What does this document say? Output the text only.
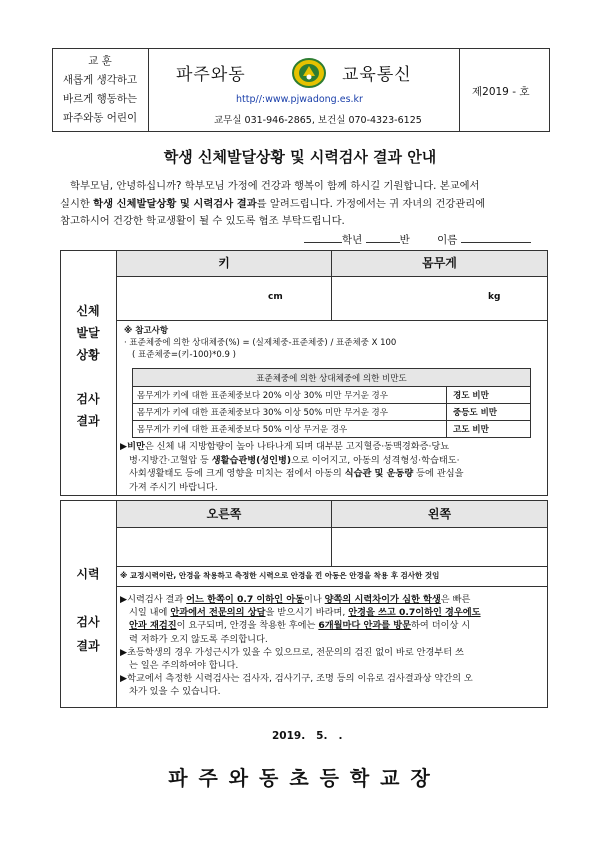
교 훈
새롭게 생각하고
바르게 행동하는
파주와동 어린이
파주와동	교육통신
http//:www.pjwadong.es.kr
교무실 031-946-2865, 보건실 070-4323-6125
제2019 - 호
학생 신체발달상황 및 시력검사 결과 안내
학부모님, 안녕하십니까? 학부모님 가정에 건강과 행복이 함께 하시길 기원합니다. 본교에서
실시한 학생 신체발달상황 및 시력검사 결과를 알려드립니다. 가정에서는 귀 자녀의 건강관리에
참고하시어 건강한 학교생활이 될 수 있도록 협조 부탁드립니다.
학년	반	이름
신체
발달
상황
검사
결과
키	몸무게
cm	kg
※ 참고사항
· 표준체중에 의한 상대체중(%) = (실제체중-표준체중) / 표준체중 X 100
( 표준체중=(키-100)*0.9 )
표준체중에 의한 상대체중에 의한 비만도	
몸무게가 키에 대한 표준체중보다 20% 이상 30% 미만 무거운 경우	경도 비만
몸무게가 키에 대한 표준체중보다 30% 이상 50% 미만 무거운 경우	중등도 비만
몸무게가 키에 대한 표준체중보다 50% 이상 무거운 경우	고도 비만
▶비만은 신체 내 지방함량이 높아 나타나게 되며 대부분 고지혈증·동맥경화증·당뇨
병·지방간·고혈압 등 생활습관병(성인병)으로 이어지고, 아동의 성격형성·학습태도·
사회생활태도 등에 크게 영향을 미치는 점에서 아동의 식습관 및 운동량 등에 관심을
가져 주시기 바랍니다.
시력
검사
결과
오른쪽	왼쪽
※ 교정시력이란, 안경을 착용하고 측정한 시력으로 안경을 낀 아동은 안경을 착용 후 검사한 것임
▶시력검사 결과 어느 한쪽이 0.7 이하인 아동이나 양쪽의 시력차이가 심한 학생은 빠른
시일 내에 안과에서 전문의의 상담을 받으시기 바라며, 안경을 쓰고 0.7이하인 경우에도
안과 재검진이 요구되며, 안경을 착용한 후에는 6개월마다 안과를 방문하여 더이상 시
력 저하가 오지 않도록 주의합니다.
▶초등학생의 경우 가성근시가 있을 수 있으므로, 전문의의 검진 없이 바로 안경부터 쓰
는 일은 주의하여야 합니다.
▶학교에서 측정한 시력검사는 검사자, 검사기구, 조명 등의 이유로 검사결과상 약간의 오
차가 있을 수 있습니다.
2019.   5.   .
파 주 와 동 초 등 학 교 장
